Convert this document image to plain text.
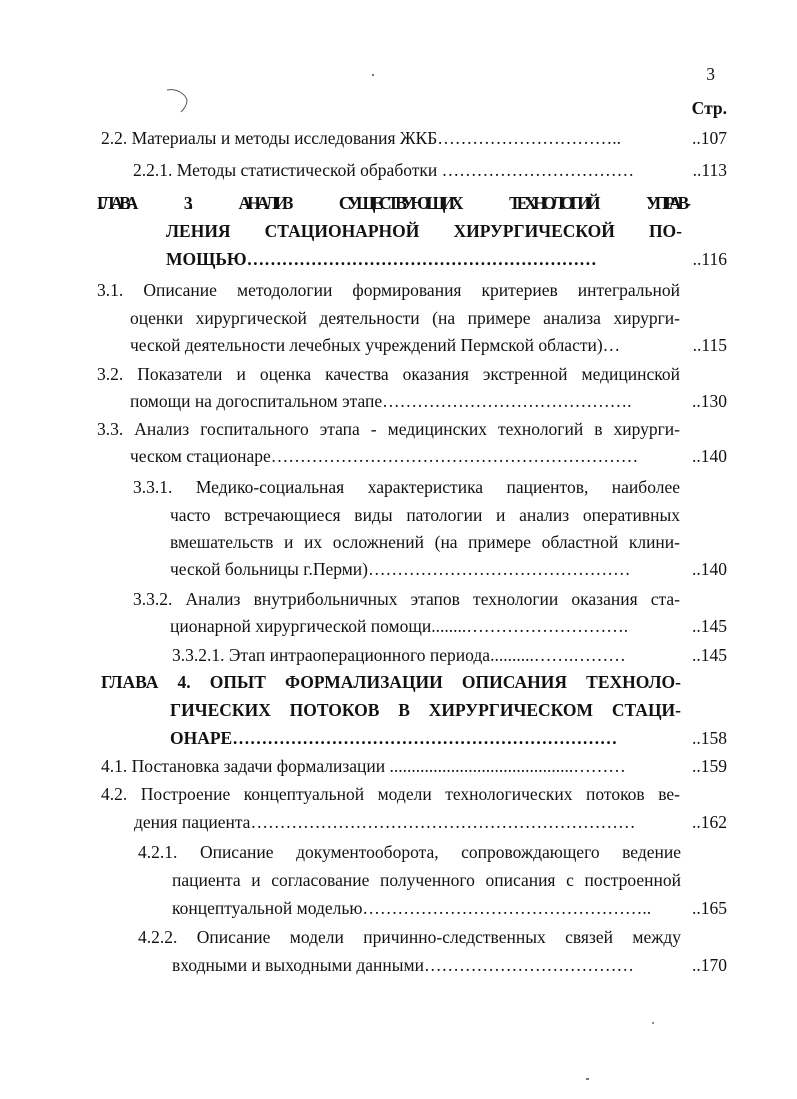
3
Стр.
2.2. Материалы и методы исследования ЖКБ…………………………..	..107
2.2.1. Методы статистической обработки ……………………………	..113
ГЛАВА 3. АНАЛИЗ СУЩЕСТВУЮЩИХ ТЕХНОЛОГИЙ УПРАВ-
ЛЕНИЯ СТАЦИОНАРНОЙ ХИРУРГИЧЕСКОЙ ПО-
МОЩЬЮ……………………………………………………	..116
3.1. Описание методологии формирования критериев интегральной
оценки хирургической деятельности (на примере анализа хирурги-
ческой деятельности лечебных учреждений Пермской области)…	..115
3.2. Показатели и оценка качества оказания экстренной медицинской
помощи на догоспитальном этапе…………………………………….	..130
3.3. Анализ госпитального этапа - медицинских технологий в хирурги-
ческом стационаре………………………………………………………	..140
3.3.1. Медико-социальная характеристика пациентов, наиболее
часто встречающиеся виды патологии и анализ оперативных
вмешательств и их осложнений (на примере областной клини-
ческой больницы г.Перми)………………………………………	..140
3.3.2. Анализ внутрибольничных этапов технологии оказания ста-
ционарной хирургической помощи........……………………….	..145
3.3.2.1. Этап интраоперационного периода..........…….………	..145
ГЛАВА 4. ОПЫТ ФОРМАЛИЗАЦИИ ОПИСАНИЯ ТЕХНОЛО-
ГИЧЕСКИХ ПОТОКОВ В ХИРУРГИЧЕСКОМ СТАЦИ-
ОНАРЕ…………………………………………………………	..158
4.1. Постановка задачи формализации ..........................................………	..159
4.2. Построение концептуальной модели технологических потоков ве-
дения пациента…………………………………………………………	..162
4.2.1. Описание документооборота, сопровождающего ведение
пациента и согласование полученного описания с построенной
концептуальной моделью………………………………………….. ..165
4.2.2. Описание модели причинно-следственных связей между
входными и выходными данными………………………………	..170
